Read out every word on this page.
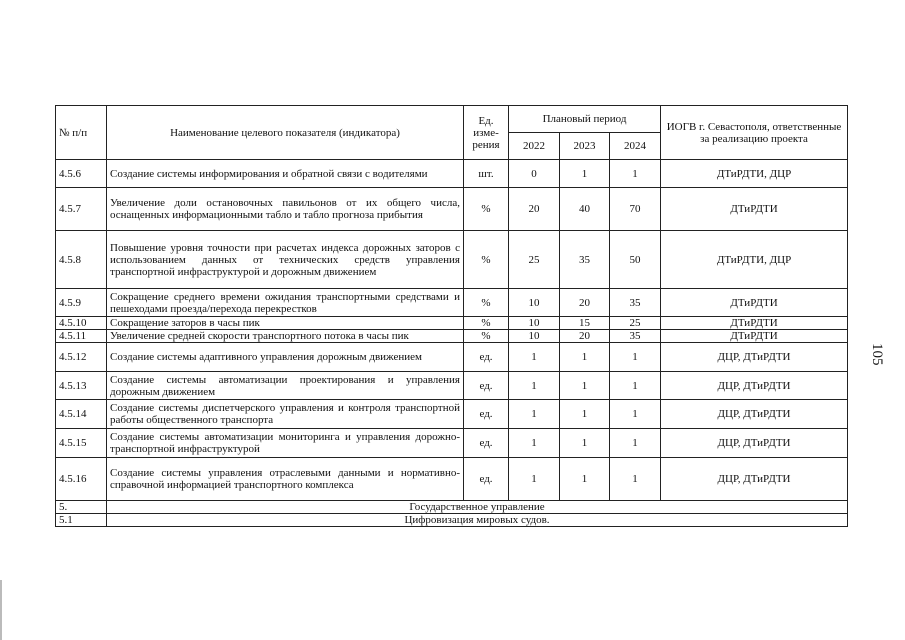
№ п/п	Наименование целевого показателя (индикатора)	Ед. изме-рения	Плановый период			ИОГВ г. Севастополя, ответственные за реализацию проекта
			2022	2023	2024	
4.5.6	Создание системы информирования и обратной связи с водителями	шт.	0	1	1	ДТиРДТИ, ДЦР
4.5.7	Увеличение доли остановочных павильонов от их общего числа, оснащенных информационными табло и табло прогноза прибытия	%	20	40	70	ДТиРДТИ
4.5.8	Повышение уровня точности при расчетах индекса дорожных заторов с использованием данных от технических средств управления транспортной инфраструктурой и дорожным движением	%	25	35	50	ДТиРДТИ, ДЦР
4.5.9	Сокращение среднего времени ожидания транспортными средствами и пешеходами проезда/перехода перекрестков	%	10	20	35	ДТиРДТИ
4.5.10	Сокращение заторов в часы пик	%	10	15	25	ДТиРДТИ
4.5.11	Увеличение средней скорости транспортного потока в часы пик	%	10	20	35	ДТиРДТИ
4.5.12	Создание системы адаптивного управления дорожным движением	ед.	1	1	1	ДЦР, ДТиРДТИ
4.5.13	Создание системы автоматизации проектирования и управления дорожным движением	ед.	1	1	1	ДЦР, ДТиРДТИ
4.5.14	Создание системы диспетчерского управления и контроля транспортной работы общественного транспорта	ед.	1	1	1	ДЦР, ДТиРДТИ
4.5.15	Создание системы автоматизации мониторинга и управления дорожно-транспортной инфраструктурой	ед.	1	1	1	ДЦР, ДТиРДТИ
4.5.16	Создание системы управления отраслевыми данными и нормативно-справочной информацией транспортного комплекса	ед.	1	1	1	ДЦР, ДТиРДТИ
5.	Государственное управление					
5.1	Цифровизация мировых судов.					
105
